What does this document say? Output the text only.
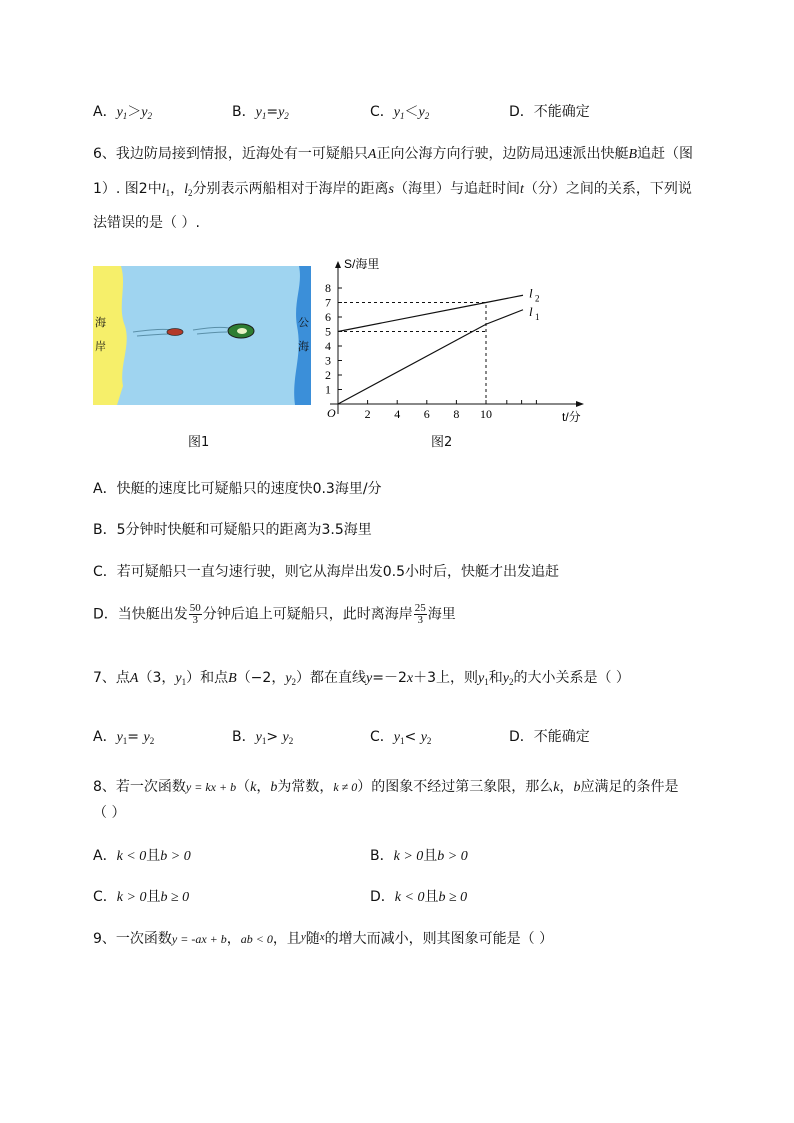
A．$y_1>y_2$	B．$y_1=y_2$	C．$y_1<y_2$	D．不能确定
6、我边防局接到情报，近海处有一可疑船只A正向公海方向行驶，边防局迅速派出快艇B追赶（图
1）. 图2中$l_1$，$l_2$分别表示两船相对于海岸的距离s（海里）与追赶时间t（分）之间的关系，下列说
法错误的是（ ）.
海
岸
公
海
图1
S/海里
t/分
O
1
2
3
4
5
6
7
8
2 4 6 8 10
l 2
l 1
图2
A．快艇的速度比可疑船只的速度快0.3海里/分
B．5分钟时快艇和可疑船只的距离为3.5海里
C．若可疑船只一直匀速行驶，则它从海岸出发0.5小时后，快艇才出发追赶
D．当快艇出发 $\frac{50}{3}$ 分钟后追上可疑船只，此时离海岸 $\frac{25}{3}$ 海里
7、点A（3，$y_1$）和点B（−2，$y_2$）都在直线y=－2x＋3上，则$y_1$和$y_2$的大小关系是（ ）
A．$y_1= y_2$	B．$y_1> y_2$	C．$y_1< y_2$	D．不能确定
8、若一次函数y = kx + b（k，b为常数，k ≠ 0）的图象不经过第三象限，那么k，b应满足的条件是
（ ）
A．k < 0且b > 0	B．k > 0且b > 0
C．k > 0且b ≥ 0	D．k < 0且b ≥ 0
9、一次函数y = -ax + b，ab < 0，且$^y$随$^x$的增大而减小，则其图象可能是（ ）
